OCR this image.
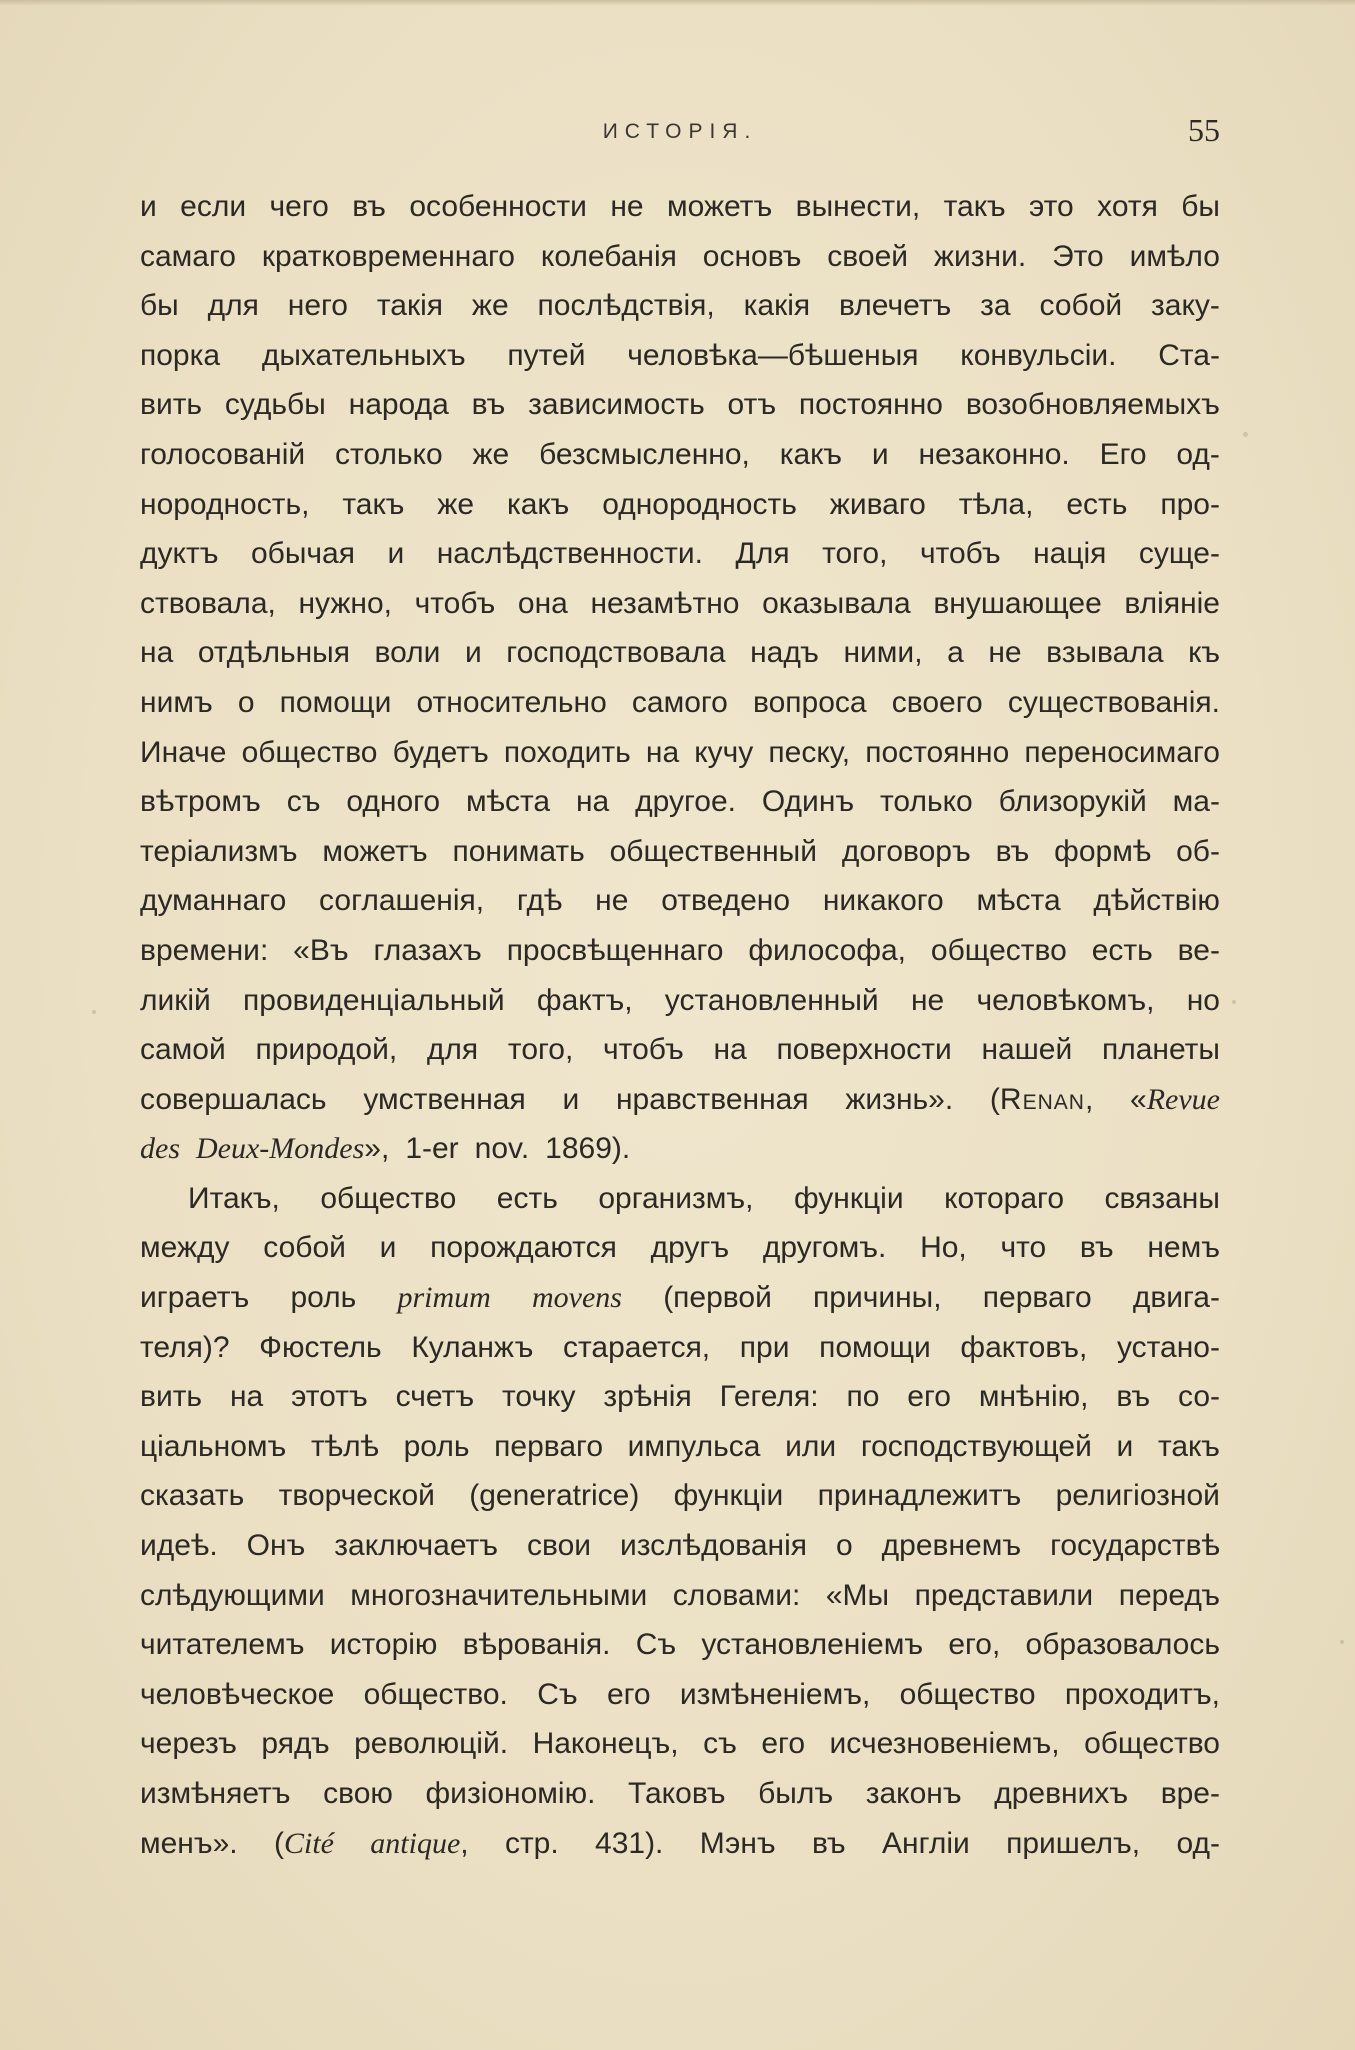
ИСТОРІЯ.	55
и если чего въ особенности не можетъ вынести, такъ это хотя бы
самаго кратковременнаго колебанія основъ своей жизни. Это имѣло
бы для него такія же послѣдствія, какія влечетъ за собой заку-
порка дыхательныхъ путей человѣка—бѣшеныя конвульсіи. Ста-
вить судьбы народа въ зависимость отъ постоянно возобновляемыхъ
голосованій столько же безсмысленно, какъ и незаконно. Его од-
нородность, такъ же какъ однородность живаго тѣла, есть про-
дуктъ обычая и наслѣдственности. Для того, чтобъ нація суще-
ствовала, нужно, чтобъ она незамѣтно оказывала внушающее вліяніе
на отдѣльныя воли и господствовала надъ ними, а не взывала къ
нимъ о помощи относительно самого вопроса своего существованія.
Иначе общество будетъ походить на кучу песку, постоянно переносимаго
вѣтромъ съ одного мѣста на другое. Одинъ только близорукій ма-
теріализмъ можетъ понимать общественный договоръ въ формѣ об-
думаннаго соглашенія, гдѣ не отведено никакого мѣста дѣйствію
времени: «Въ глазахъ просвѣщеннаго философа, общество есть ве-
ликій провиденціальный фактъ, установленный не человѣкомъ, но
самой природой, для того, чтобъ на поверхности нашей планеты
совершалась умственная и нравственная жизнь». (Renan, «Revue
des Deux-Mondes», 1-er nov. 1869).
Итакъ, общество есть организмъ, функціи котораго связаны
между собой и порождаются другъ другомъ. Но, что въ немъ
играетъ роль primum movens (первой причины, перваго двига-
теля)? Фюстель Куланжъ старается, при помощи фактовъ, устано-
вить на этотъ счетъ точку зрѣнія Гегеля: по его мнѣнію, въ со-
ціальномъ тѣлѣ роль перваго импульса или господствующей и такъ
сказать творческой (generatrice) функціи принадлежитъ религіозной
идеѣ. Онъ заключаетъ свои изслѣдованія о древнемъ государствѣ
слѣдующими многозначительными словами: «Мы представили передъ
читателемъ исторію вѣрованія. Съ установленіемъ его, образовалось
человѣческое общество. Съ его измѣненіемъ, общество проходитъ,
черезъ рядъ революцій. Наконецъ, съ его исчезновеніемъ, общество
измѣняетъ свою физіономію. Таковъ былъ законъ древнихъ вре-
менъ». (Cité antique, стр. 431). Мэнъ въ Англіи пришелъ, од-
